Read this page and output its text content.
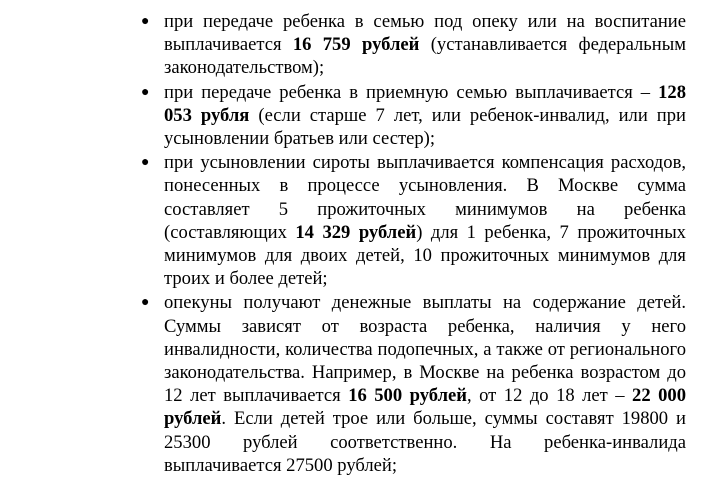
● при передаче ребенка в семью под опеку или на воспитание выплачивается 16 759 рублей (устанавливается федеральным законодательством);
● при передаче ребенка в приемную семью выплачивается – 128 053 рубля (если старше 7 лет, или ребенок-инвалид, или при усыновлении братьев или сестер);
● при усыновлении сироты выплачивается компенсация расходов, понесенных в процессе усыновления. В Москве сумма составляет 5 прожиточных минимумов на ребенка (составляющих 14 329 рублей) для 1 ребенка, 7 прожиточных минимумов для двоих детей, 10 прожиточных минимумов для троих и более детей;
● опекуны получают денежные выплаты на содержание детей. Суммы зависят от возраста ребенка, наличия у него инвалидности, количества подопечных, а также от регионального законодательства. Например, в Москве на ребенка возрастом до 12 лет выплачивается 16 500 рублей, от 12 до 18 лет – 22 000 рублей. Если детей трое или больше, суммы составят 19800 и 25300 рублей соответственно. На ребенка-инвалида выплачивается 27500 рублей;
